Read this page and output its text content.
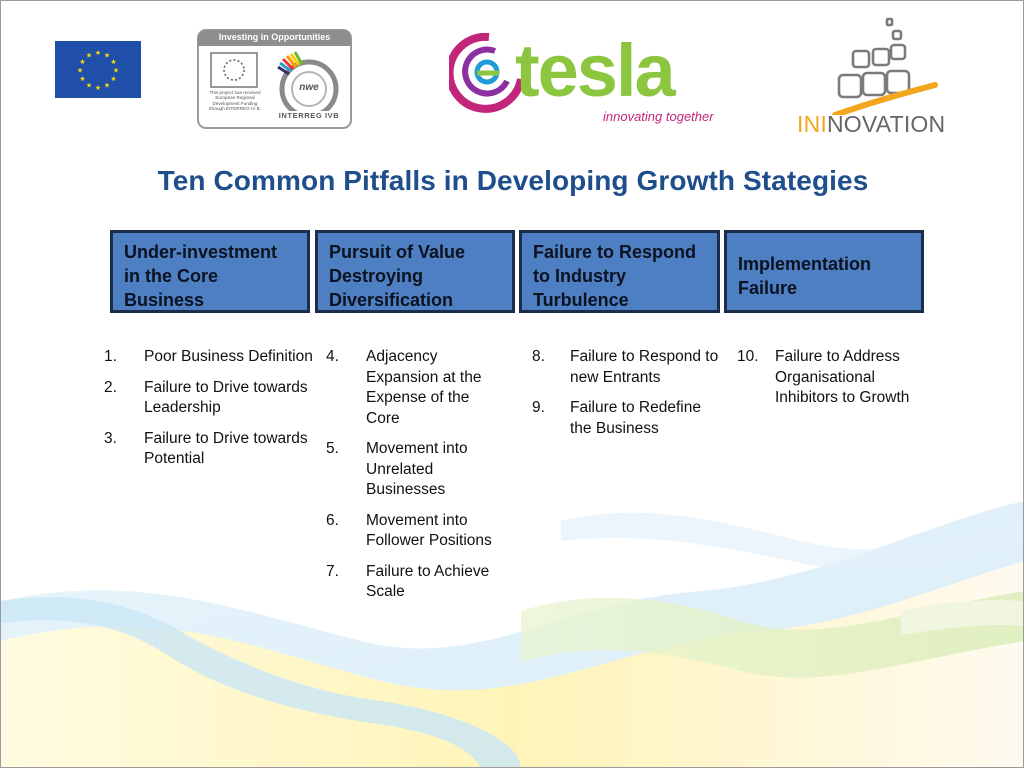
★ ★
★
★
★
★
★
★
★
★
★
★
Investing in Opportunities
This project has received European Regional Development Funding through INTERREG IV B.
nwe
INTERREG IVB
tesla
innovating together	ININOVATION
Ten Common Pitfalls in Developing Growth Stategies
Under-investment
in the Core
Business
Pursuit of Value
Destroying
Diversification
Failure to Respond
to Industry
Turbulence
Implementation
Failure
1. Poor Business Definition
2. Failure to Drive towards Leadership
3. Failure to Drive towards Potential
4. Adjacency Expansion at the Expense of the Core
5. Movement into Unrelated Businesses
6. Movement into Follower Positions
7. Failure to Achieve Scale
8. Failure to Respond to new Entrants
9. Failure to Redefine the Business
10. Failure to Address Organisational Inhibitors to Growth
